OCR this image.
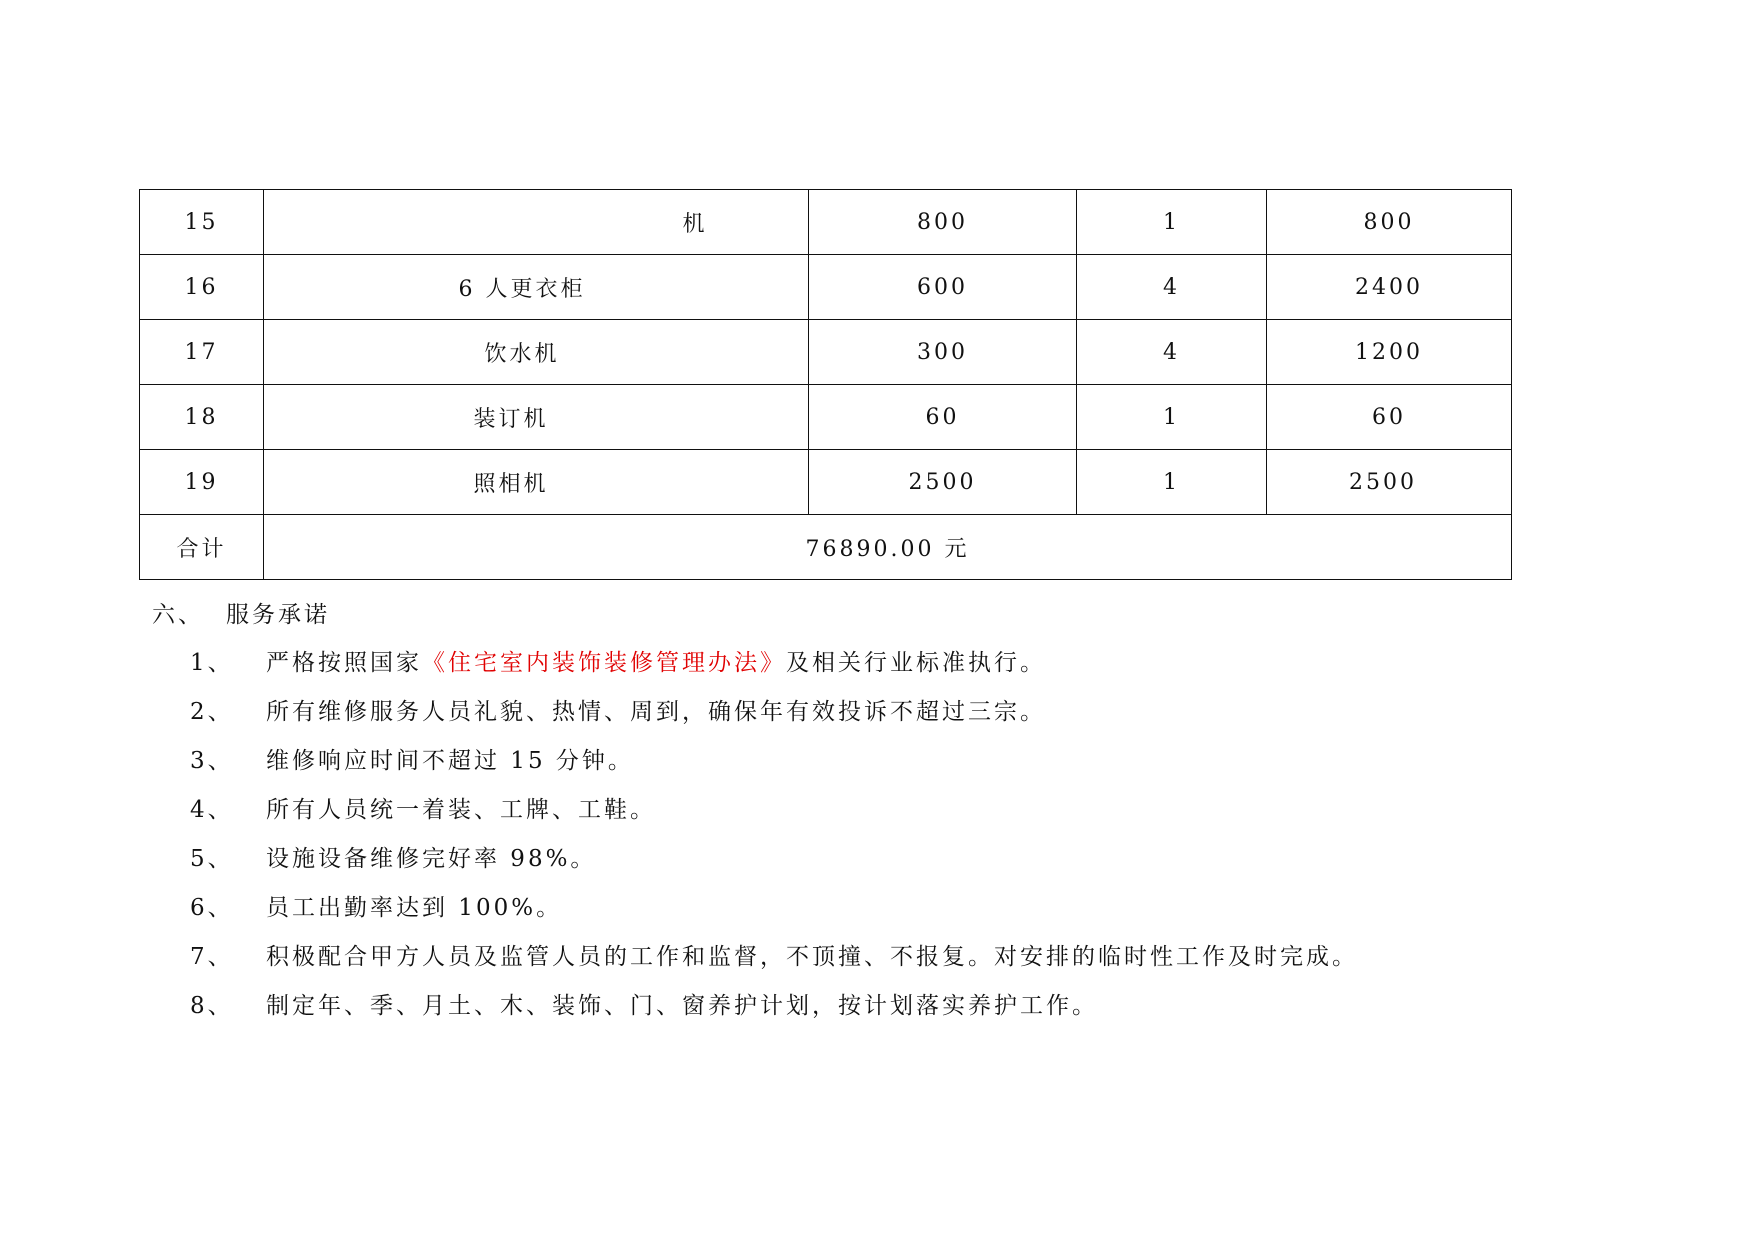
15	机	800	1	800
16	6 人更衣柜	600	4	2400
17	饮水机	300	4	1200
18	装订机	60	1	60
19	照相机	2500	1	2500
合计	76890.00 元			
六、 服务承诺
1、 严格按照国家《住宅室内装饰装修管理办法》及相关行业标准执行。
2、 所有维修服务人员礼貌、热情、周到，确保年有效投诉不超过三宗。
3、 维修响应时间不超过 15 分钟。
4、 所有人员统一着装、工牌、工鞋。
5、 设施设备维修完好率 98%。
6、 员工出勤率达到 100%。
7、 积极配合甲方人员及监管人员的工作和监督，不顶撞、不报复。对安排的临时性工作及时完成。
8、 制定年、季、月土、木、装饰、门、窗养护计划，按计划落实养护工作。
